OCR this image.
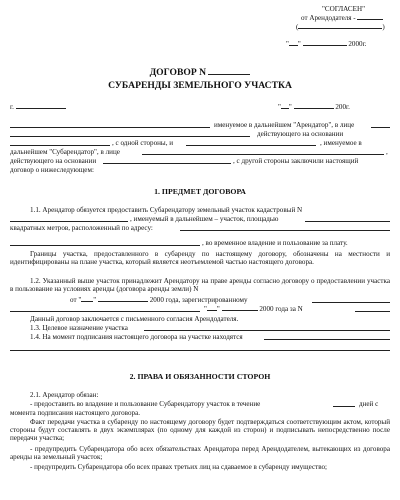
"СОГЛАСЕН"
от Арендодателя -
(	)
" "	2000г.
ДОГОВОР N
СУБАРЕНДЫ ЗЕМЕЛЬНОГО УЧАСТКА
г.	" "	200г.
именуемое в дальнейшем "Арендатор", в лице
действующего на основании
, с одной стороны, и	, именуемое в
дальнейшем "Субарендатор", в лице	,
действующего на основании	, с другой стороны заключили настоящий
договор о нижеследующем:
1. ПРЕДМЕТ ДОГОВОРА
1.1. Арендатор обязуется предоставить Субарендатору земельный участок кадастровый N
, именуемый в дальнейшем – участок, площадью
квадратных метров, расположенный по адресу:
, во временное владение и пользование за плату.
Границы участка, предоставленного в субаренду по настоящему договору, обозначены на местности и идентифицированы на плане участка, который является неотъемлемой частью настоящего договора.
1.2. Указанный выше участок принадлежит Арендатору на праве аренды согласно договору о предоставлении участка в пользование на условиях аренды (договора аренды земли) N
от " "	2000 года, зарегистрированному
" "	2000 года за N
Данный договор заключается с письменного согласия Арендодателя.
1.3. Целевое назначение участка
1.4. На момент подписания настоящего договора на участке находятся
2. ПРАВА И ОБЯЗАННОСТИ СТОРОН
2.1. Арендатор обязан:
- предоставить во владение и пользование Субарендатору участок в течение	дней с
момента подписания настоящего договора.
Факт передачи участка в субаренду по настоящему договору будет подтверждаться соответствующим актом, который стороны будут составлять в двух экземплярах (по одному для каждой из сторон) и подписывать непосредственно после передачи участка;
- предупредить Субарендатора обо всех обязательствах Арендатора перед Арендодателем, вытекающих из договора аренды на земельный участок;
- предупредить Субарендатора обо всех правах третьих лиц на сдаваемое в субаренду имущество;
